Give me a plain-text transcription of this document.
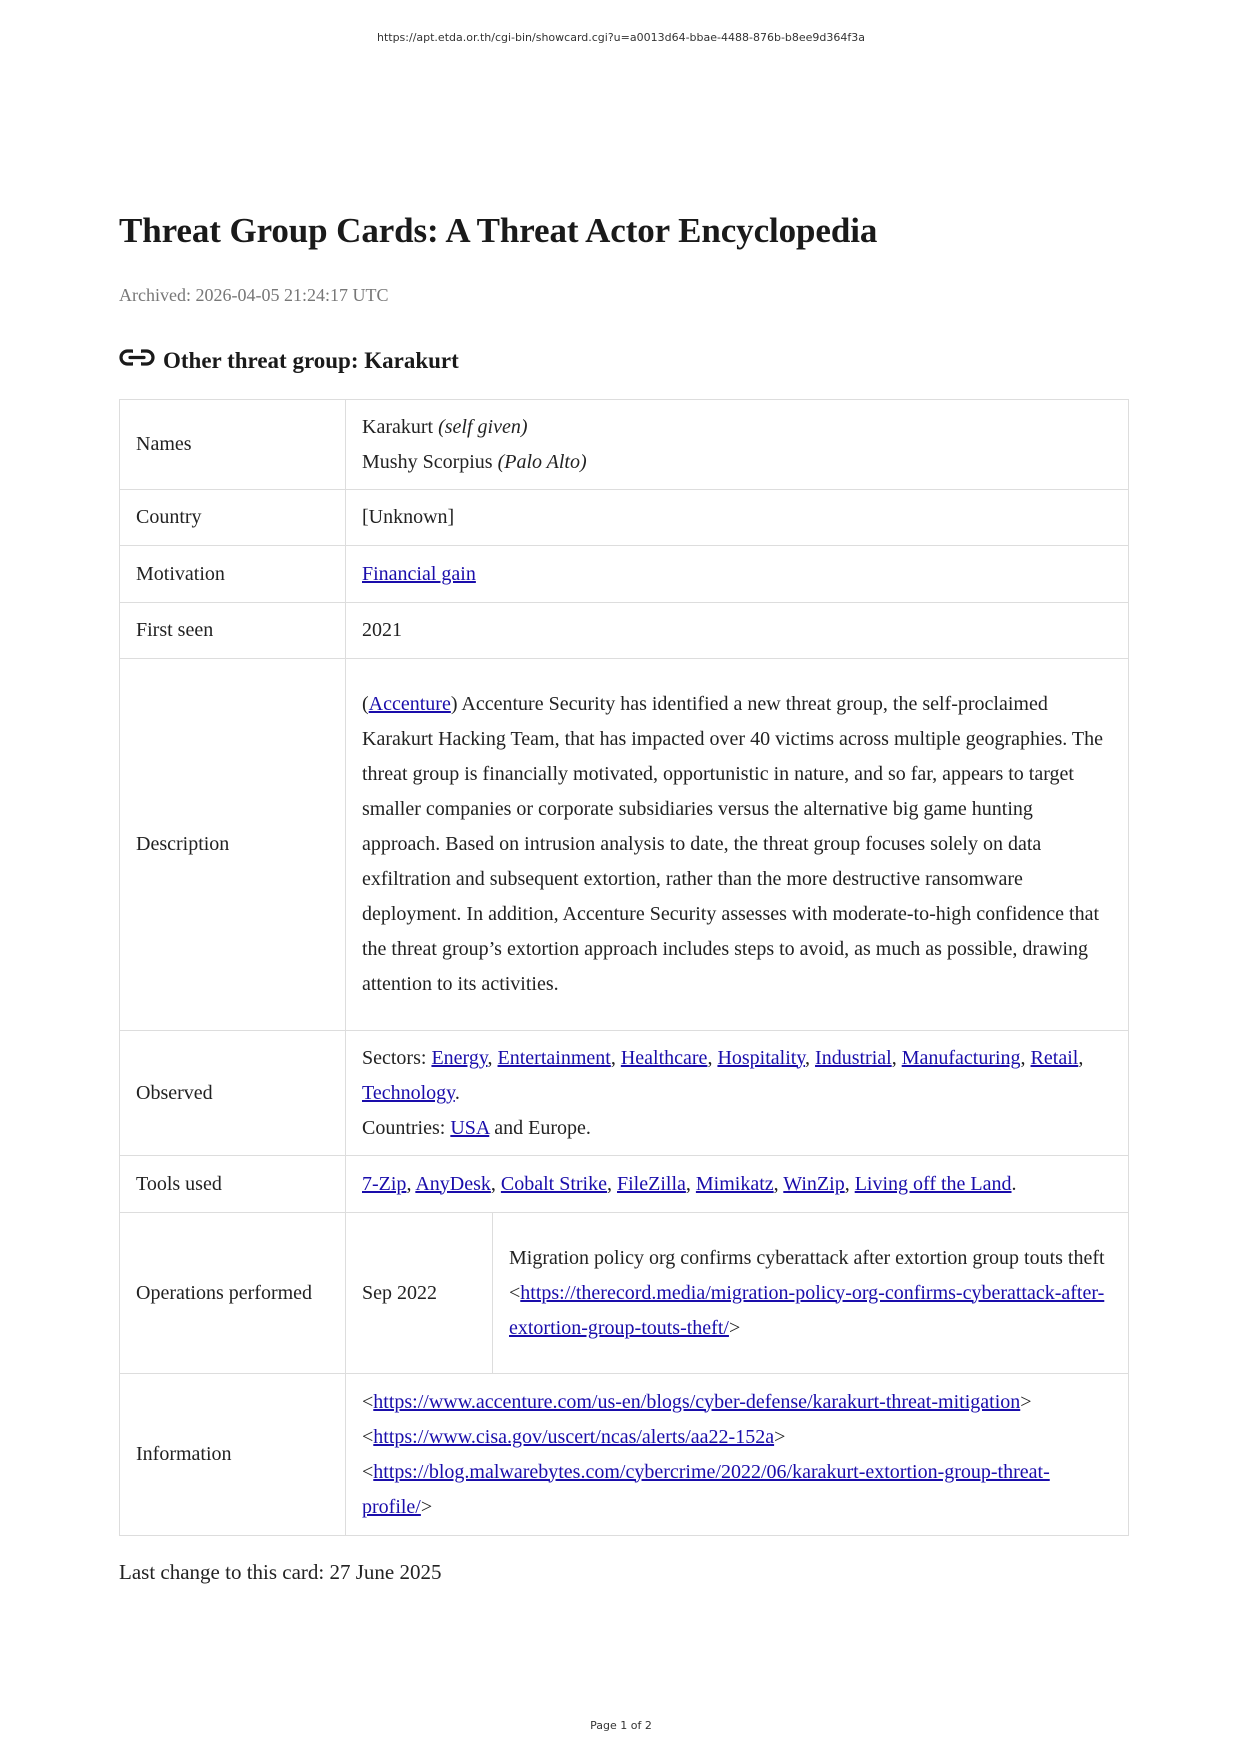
https://apt.etda.or.th/cgi-bin/showcard.cgi?u=a0013d64-bbae-4488-876b-b8ee9d364f3a
Threat Group Cards: A Threat Actor Encyclopedia
Archived: 2026-04-05 21:24:17 UTC
Other threat group: Karakurt
Names	Karakurt (self given)
Mushy Scorpius (Palo Alto)	

Country	[Unknown]	
Motivation	Financial gain	
First seen	2021	
Description	(Accenture) Accenture Security has identified a new threat group, the self-proclaimed Karakurt Hacking Team, that has impacted over 40 victims across multiple geographies. The threat group is financially motivated, opportunistic in nature, and so far, appears to target smaller companies or corporate subsidiaries versus the alternative big game hunting approach. Based on intrusion analysis to date, the threat group focuses solely on data exfiltration and subsequent extortion, rather than the more destructive ransomware deployment. In addition, Accenture Security assesses with moderate-to-high confidence that the threat group’s extortion approach includes steps to avoid, as much as possible, drawing attention to its activities.	
Observed	Sectors: Energy, Entertainment, Healthcare, Hospitality, Industrial, Manufacturing, Retail, Technology.
Countries: USA and Europe.	

Tools used	7-Zip, AnyDesk, Cobalt Strike, FileZilla, Mimikatz, WinZip, Living off the Land.	
Operations performed	Sep 2022	Migration policy org confirms cyberattack after extortion group touts theft
<https://therecord.media/migration-policy-org-confirms-cyberattack-after-extortion-group-touts-theft/>
Information	<https://www.accenture.com/us-en/blogs/cyber-defense/karakurt-threat-mitigation>
<https://www.cisa.gov/uscert/ncas/alerts/aa22-152a>
<https://blog.malwarebytes.com/cybercrime/2022/06/karakurt-extortion-group-threat-profile/>	
Last change to this card: 27 June 2025
Page 1 of 2
